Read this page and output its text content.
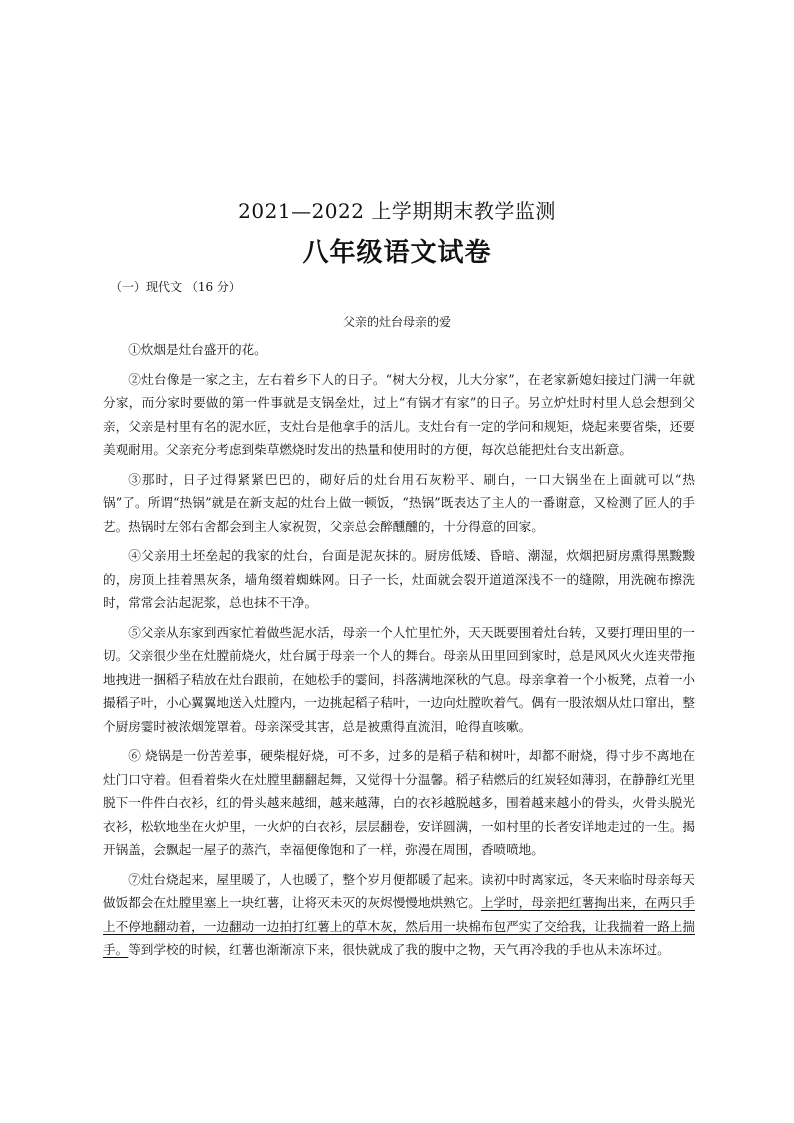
2021—2022 上学期期末教学监测
八年级语文试卷
（一）现代文 （16 分）
父亲的灶台母亲的爱

①炊烟是灶台盛开的花。

②灶台像是一家之主，左右着乡下人的日子。“树大分杈，儿大分家”，在老家新媳妇接过门满一年就分家，而分家时要做的第一件事就是支锅垒灶，过上“有锅才有家”的日子。另立炉灶时村里人总会想到父亲，父亲是村里有名的泥水匠，支灶台是他拿手的活儿。支灶台有一定的学问和规矩，烧起来要省柴，还要美观耐用。父亲充分考虑到柴草燃烧时发出的热量和使用时的方便，每次总能把灶台支出新意。

③那时，日子过得紧紧巴巴的，砌好后的灶台用石灰粉平、刷白，一口大锅坐在上面就可以“热锅”了。所谓“热锅”就是在新支起的灶台上做一顿饭，“热锅”既表达了主人的一番谢意，又检测了匠人的手艺。热锅时左邻右舍都会到主人家祝贺，父亲总会醉醺醺的，十分得意的回家。

④父亲用土坯垒起的我家的灶台，台面是泥灰抹的。厨房低矮、昏暗、潮湿，炊烟把厨房熏得黑黢黢的，房顶上挂着黑灰条，墙角缀着蜘蛛网。日子一长，灶面就会裂开道道深浅不一的缝隙，用洗碗布擦洗时，常常会沾起泥浆，总也抹不干净。

⑤父亲从东家到西家忙着做些泥水活，母亲一个人忙里忙外，天天既要围着灶台转，又要打理田里的一切。父亲很少坐在灶膛前烧火，灶台属于母亲一个人的舞台。母亲从田里回到家时，总是风风火火连夹带拖地拽进一捆稻子秸放在灶台跟前，在她松手的霎间，抖落满地深秋的气息。母亲拿着一个小板凳，点着一小撮稻子叶，小心翼翼地送入灶膛内，一边挑起稻子秸叶，一边向灶膛吹着气。偶有一股浓烟从灶口窜出，整个厨房霎时被浓烟笼罩着。母亲深受其害，总是被熏得直流泪，呛得直咳嗽。

⑥ 烧锅是一份苦差事，硬柴棍好烧，可不多，过多的是稻子秸和树叶，却都不耐烧，得寸步不离地在灶门口守着。但看着柴火在灶膛里翻翻起舞，又觉得十分温馨。稻子秸燃后的红炭轻如薄羽，在静静红光里脱下一件件白衣衫，红的骨头越来越细，越来越薄，白的衣衫越脱越多，围着越来越小的骨头，火骨头脱光衣衫，松软地坐在火炉里，一火炉的白衣衫，层层翻卷，安详圆满，一如村里的长者安详地走过的一生。揭开锅盖，会飘起一屋子的蒸汽，幸福便像饱和了一样，弥漫在周围，香喷喷地。

⑦灶台烧起来，屋里暖了，人也暖了，整个岁月便都暖了起来。读初中时离家远，冬天来临时母亲每天做饭都会在灶膛里塞上一块红薯，让将灭未灭的灰烬慢慢地烘熟它。上学时，母亲把红薯掏出来，在两只手上不停地翻动着，一边翻动一边拍打红薯上的草木灰，然后用一块棉布包严实了交给我，让我揣着一路上揣手。等到学校的时候，红薯也渐渐凉下来，很快就成了我的腹中之物，天气再冷我的手也从未冻坏过。
